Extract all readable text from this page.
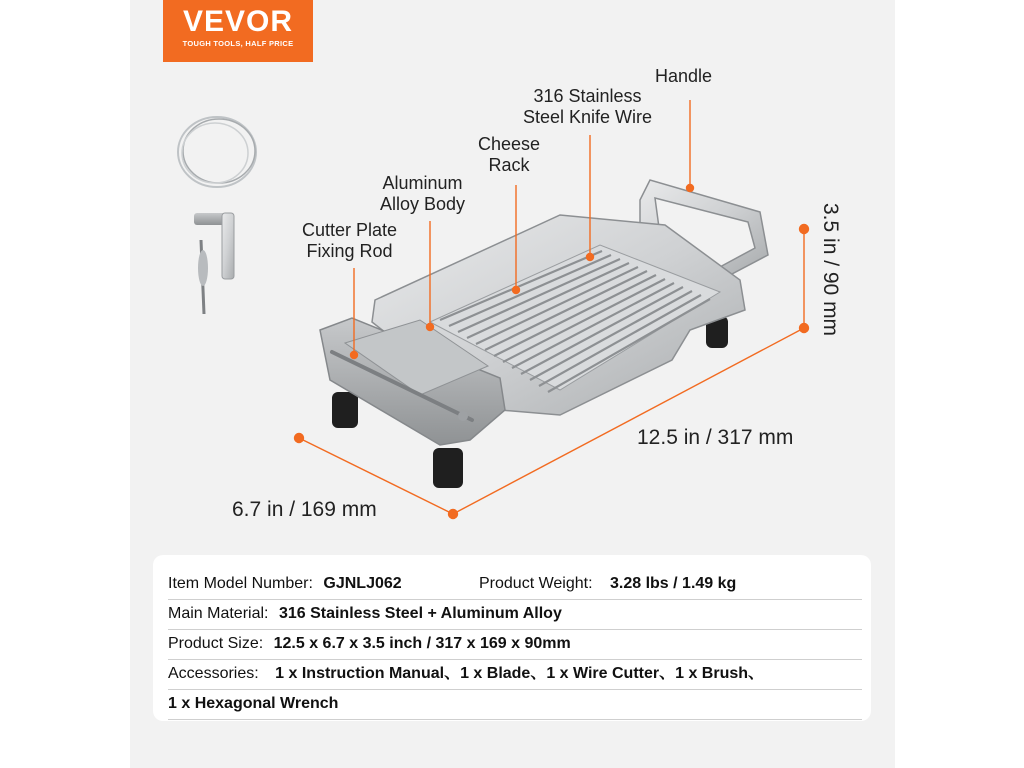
VEVOR
TOUGH TOOLS, HALF PRICE
Handle
316 Stainless
Steel Knife Wire
Cheese
Rack
Aluminum
Alloy Body
Cutter Plate
Fixing Rod
12.5 in / 317 mm
6.7 in / 169 mm
3.5 in / 90 mm
Item Model Number: GJNLJ062	Product Weight: 3.28 lbs / 1.49 kg
Main Material: 316 Stainless Steel + Aluminum Alloy
Product Size: 12.5 x 6.7 x 3.5 inch / 317 x 169 x 90mm
Accessories: 1 x Instruction Manual、1 x Blade、1 x Wire Cutter、1 x Brush、
1 x Hexagonal Wrench
